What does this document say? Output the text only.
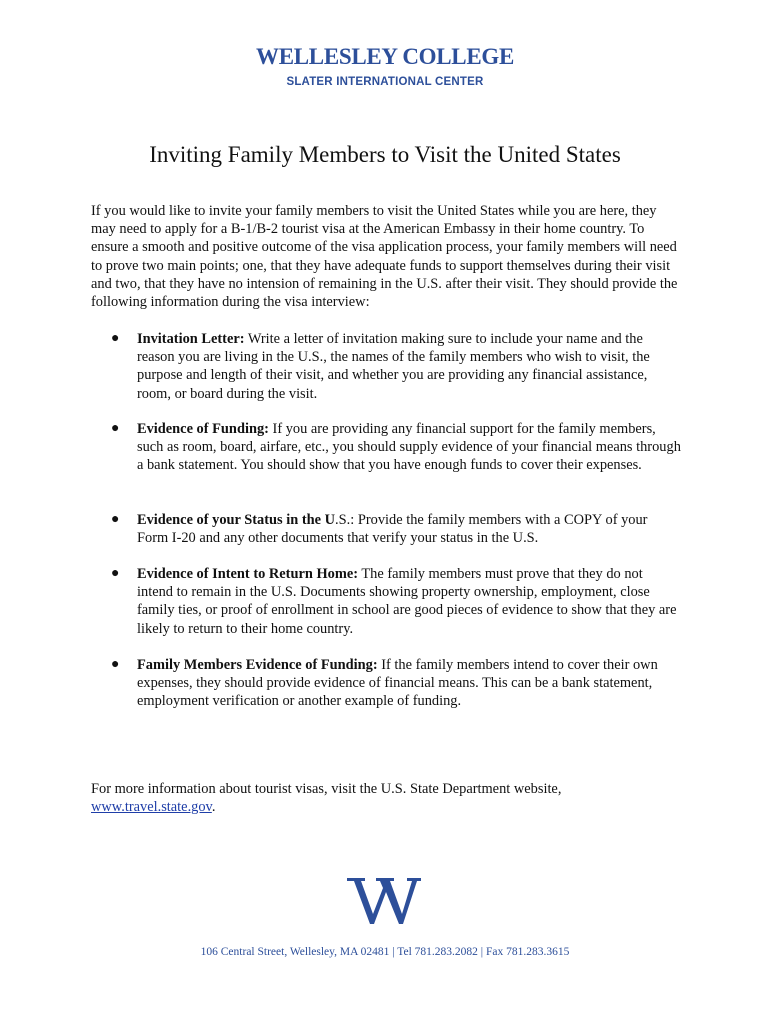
WELLESLEY COLLEGE
SLATER INTERNATIONAL CENTER
Inviting Family Members to Visit the United States

If you would like to invite your family members to visit the United States while you are here, they may need to apply for a B-1/B-2 tourist visa at the American Embassy in their home country. To ensure a smooth and positive outcome of the visa application process, your family members will need to prove two main points; one, that they have adequate funds to support themselves during their visit and two, that they have no intension of remaining in the U.S. after their visit. They should provide the following information during the visa interview:

● Invitation Letter: Write a letter of invitation making sure to include your name and the reason you are living in the U.S., the names of the family members who wish to visit, the purpose and length of their visit, and whether you are providing any financial assistance, room, or board during the visit.
● Evidence of Funding: If you are providing any financial support for the family members, such as room, board, airfare, etc., you should supply evidence of your financial means through a bank statement. You should show that you have enough funds to cover their expenses.
● Evidence of your Status in the U.S.: Provide the family members with a COPY of your Form I-20 and any other documents that verify your status in the U.S.
● Evidence of Intent to Return Home: The family members must prove that they do not intend to remain in the U.S. Documents showing property ownership, employment, close family ties, or proof of enrollment in school are good pieces of evidence to show that they are likely to return to their home country.
● Family Members Evidence of Funding: If the family members intend to cover their own expenses, they should provide evidence of financial means. This can be a bank statement, employment verification or another example of funding.
For more information about tourist visas, visit the U.S. State Department website,
www.travel.state.gov.
106 Central Street, Wellesley, MA 02481 | Tel 781.283.2082 | Fax 781.283.3615
